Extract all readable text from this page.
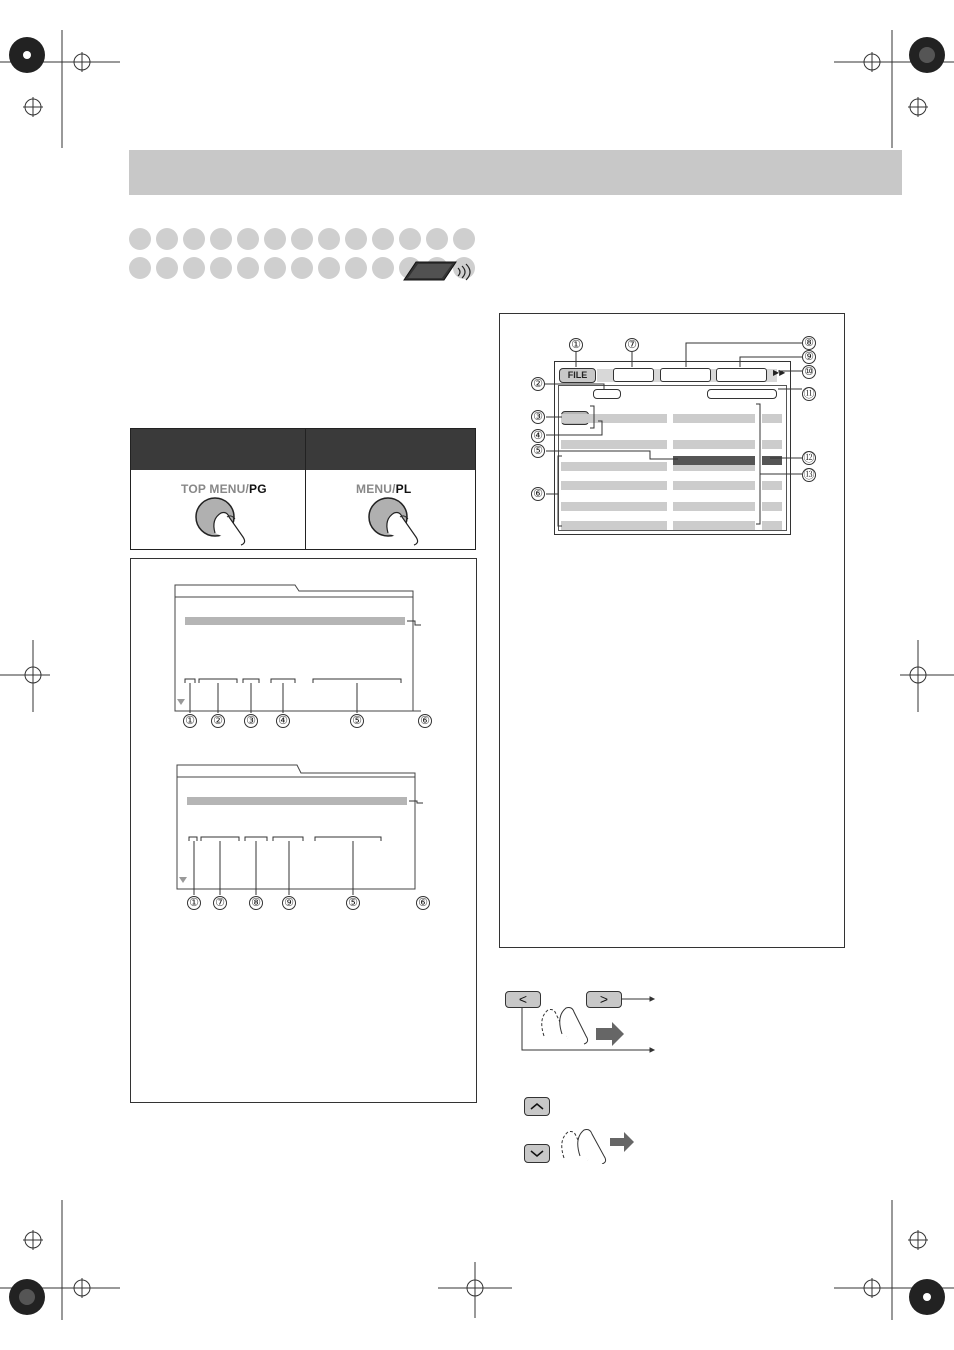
TOP MENU/PG	MENU/PL
① ② ③ ④	⑤	⑥
① ⑦ ⑧ ⑨	⑤	⑥
FILE	▶▶
①	⑦	⑧
⑨
⑩
②
⑪
③
④
⑤
⑫
⑬
⑥
<	>
